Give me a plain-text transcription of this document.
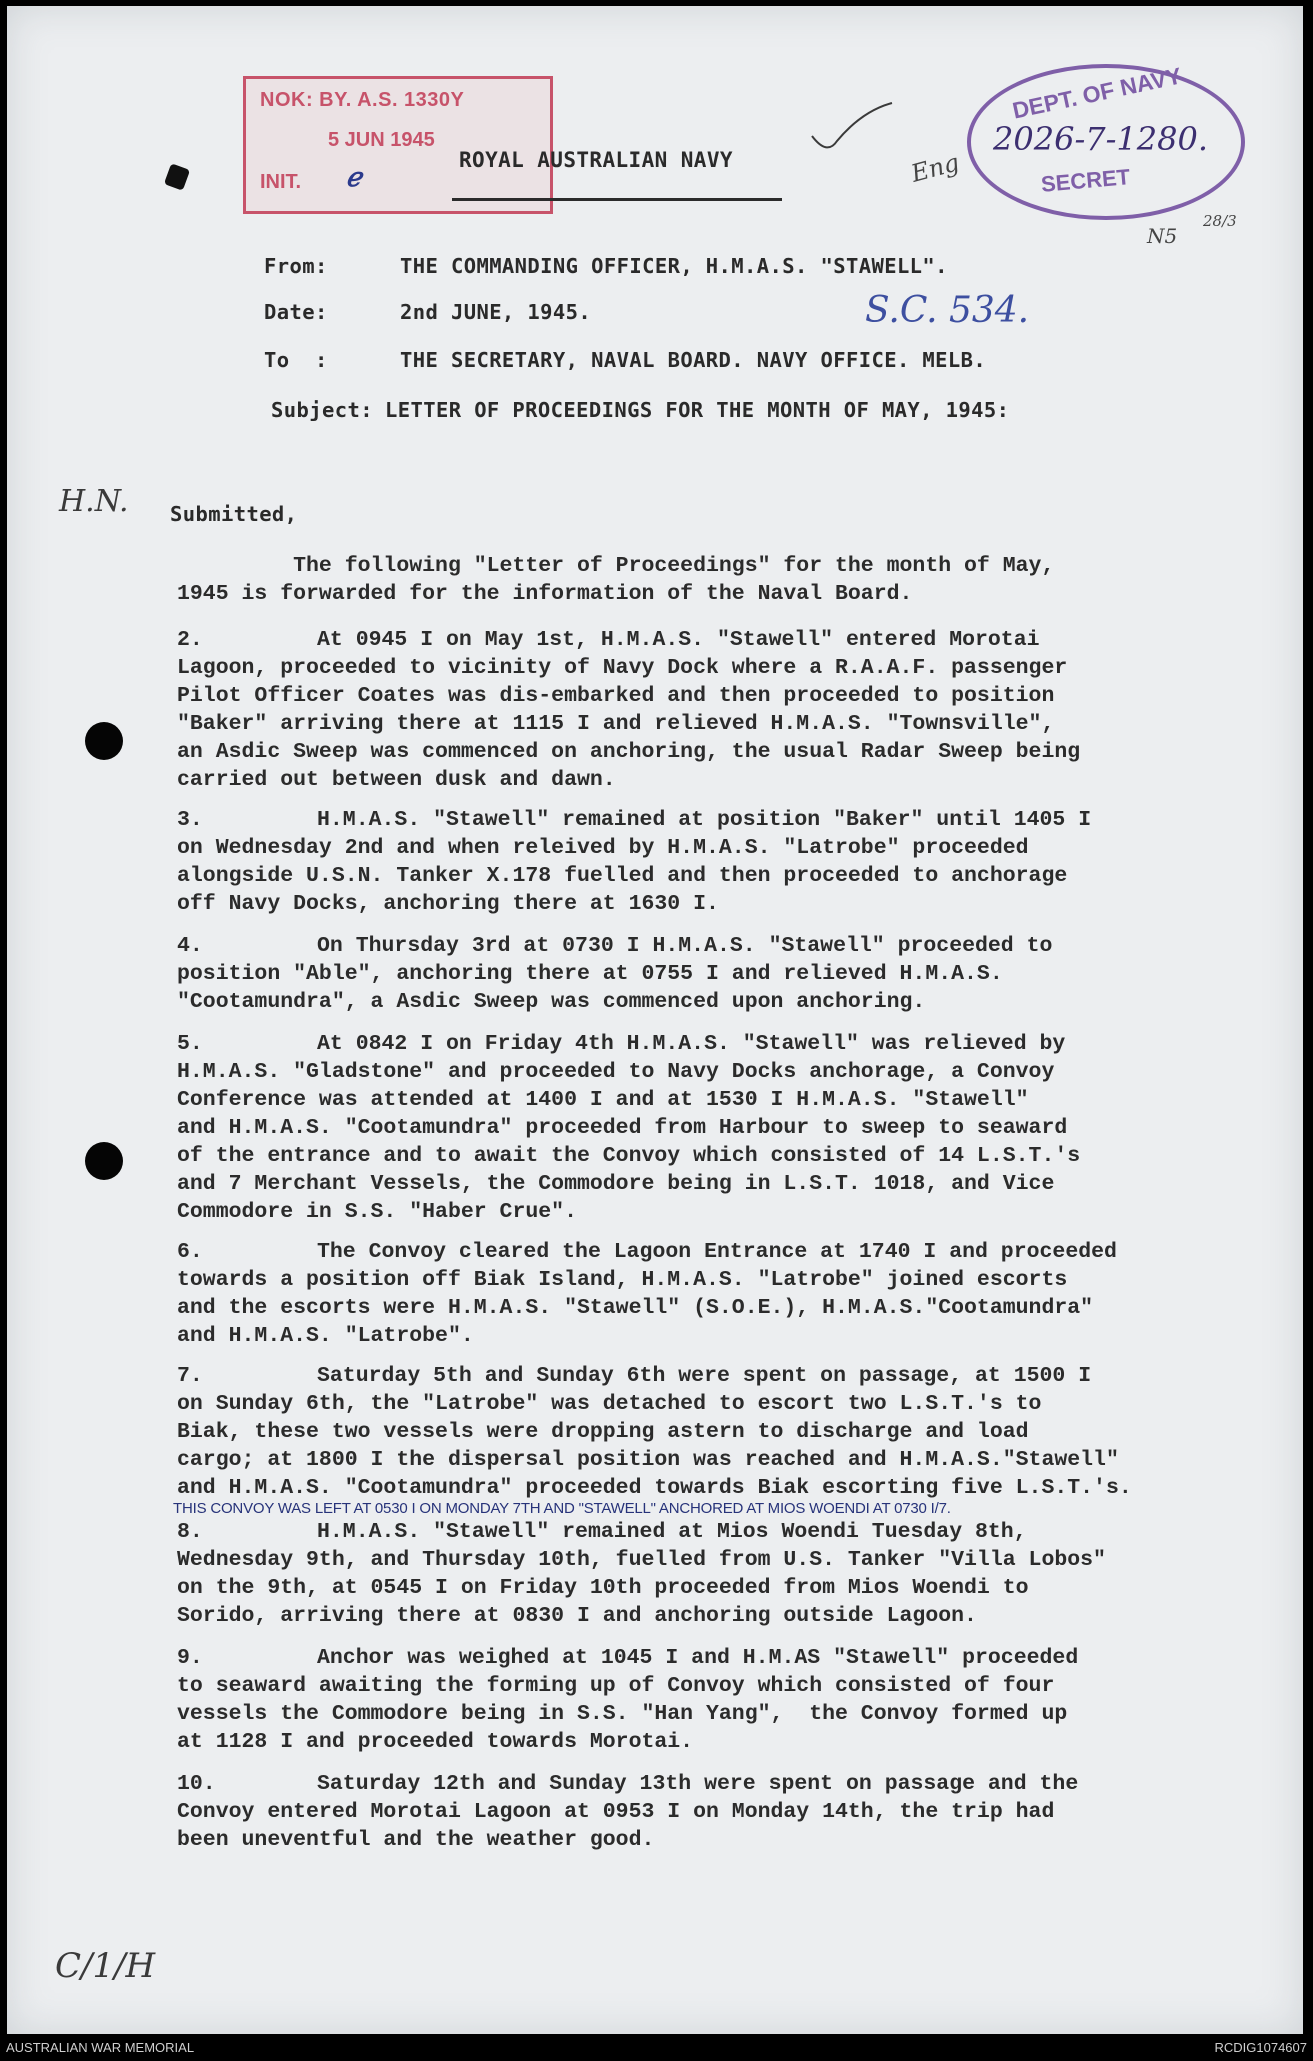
NOK: BY. A.S. 1330Y
5 JUN 1945
INIT. ℯ
DEPT. OF NAVY
2026-7-1280.
SECRET
Eng
N5
28/3
ROYAL AUSTRALIAN NAVY
From:	THE COMMANDING OFFICER, H.M.A.S. "STAWELL".
Date:	2nd JUNE, 1945.	S.C. 534.
To  :	THE SECRETARY, NAVAL BOARD. NAVY OFFICE. MELB.
Subject: LETTER OF PROCEEDINGS FOR THE MONTH OF MAY, 1945:
H.N. Submitted,
The following "Letter of Proceedings" for the month of May,
1945 is forwarded for the information of the Naval Board.
2.	At 0945 I on May 1st, H.M.A.S. "Stawell" entered Morotai
Lagoon, proceeded to vicinity of Navy Dock where a R.A.A.F. passenger
Pilot Officer Coates was dis-embarked and then proceeded to position
"Baker" arriving there at 1115 I and relieved H.M.A.S. "Townsville",
an Asdic Sweep was commenced on anchoring, the usual Radar Sweep being
carried out between dusk and dawn.
3.	H.M.A.S. "Stawell" remained at position "Baker" until 1405 I
on Wednesday 2nd and when releived by H.M.A.S. "Latrobe" proceeded
alongside U.S.N. Tanker X.178 fuelled and then proceeded to anchorage
off Navy Docks, anchoring there at 1630 I.
4.	On Thursday 3rd at 0730 I H.M.A.S. "Stawell" proceeded to
position "Able", anchoring there at 0755 I and relieved H.M.A.S.
"Cootamundra", a Asdic Sweep was commenced upon anchoring.
5.	At 0842 I on Friday 4th H.M.A.S. "Stawell" was relieved by
H.M.A.S. "Gladstone" and proceeded to Navy Docks anchorage, a Convoy
Conference was attended at 1400 I and at 1530 I H.M.A.S. "Stawell"
and H.M.A.S. "Cootamundra" proceeded from Harbour to sweep to seaward
of the entrance and to await the Convoy which consisted of 14 L.S.T.'s
and 7 Merchant Vessels, the Commodore being in L.S.T. 1018, and Vice
Commodore in S.S. "Haber Crue".
6.	The Convoy cleared the Lagoon Entrance at 1740 I and proceeded
towards a position off Biak Island, H.M.A.S. "Latrobe" joined escorts
and the escorts were H.M.A.S. "Stawell" (S.O.E.), H.M.A.S."Cootamundra"
and H.M.A.S. "Latrobe".
7.	Saturday 5th and Sunday 6th were spent on passage, at 1500 I
on Sunday 6th, the "Latrobe" was detached to escort two L.S.T.'s to
Biak, these two vessels were dropping astern to discharge and load
cargo; at 1800 I the dispersal position was reached and H.M.A.S."Stawell"
and H.M.A.S. "Cootamundra" proceeded towards Biak escorting five L.S.T.'s.
THIS CONVOY WAS LEFT AT 0530 I ON MONDAY 7TH AND "STAWELL" ANCHORED AT MIOS WOENDI AT 0730 I/7.
8.	H.M.A.S. "Stawell" remained at Mios Woendi Tuesday 8th,
Wednesday 9th, and Thursday 10th, fuelled from U.S. Tanker "Villa Lobos"
on the 9th, at 0545 I on Friday 10th proceeded from Mios Woendi to
Sorido, arriving there at 0830 I and anchoring outside Lagoon.
9.	Anchor was weighed at 1045 I and H.M.AS "Stawell" proceeded
to seaward awaiting the forming up of Convoy which consisted of four
vessels the Commodore being in S.S. "Han Yang",  the Convoy formed up
at 1128 I and proceeded towards Morotai.
10.	Saturday 12th and Sunday 13th were spent on passage and the
Convoy entered Morotai Lagoon at 0953 I on Monday 14th, the trip had
been uneventful and the weather good.
C/1/H
AUSTRALIAN WAR MEMORIAL	RCDIG1074607
